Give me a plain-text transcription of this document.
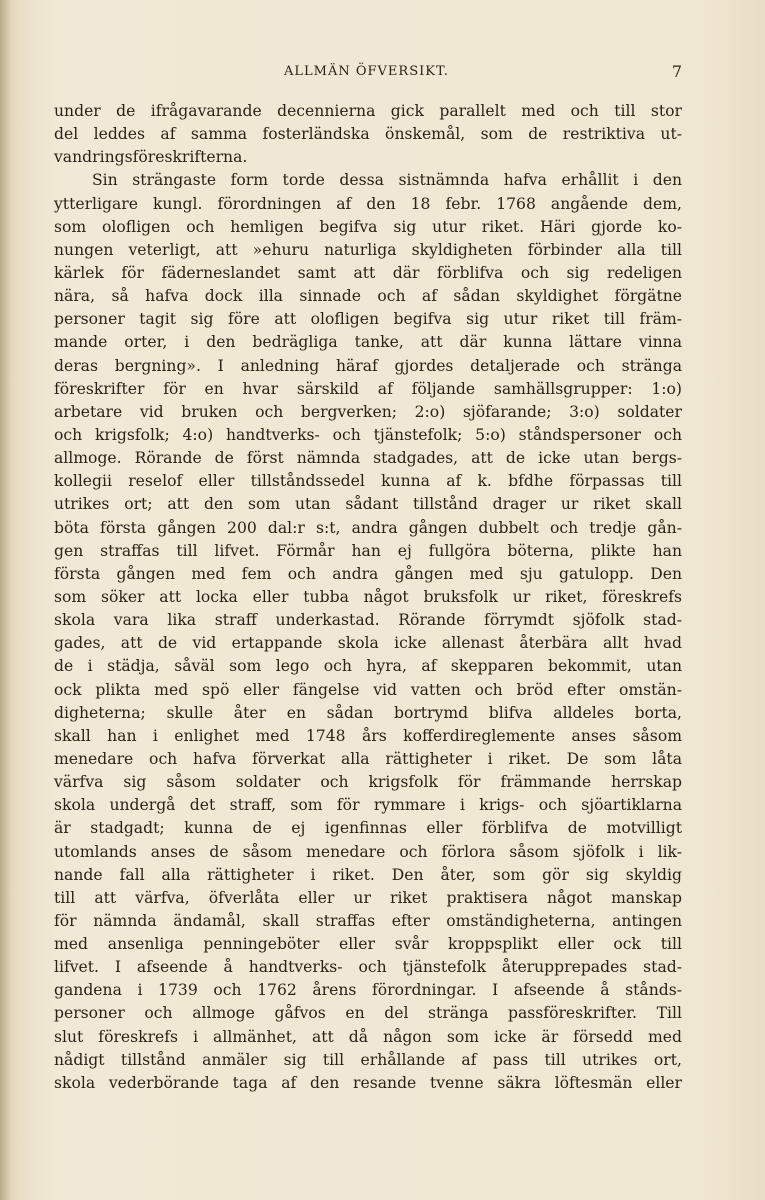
ALLMÄN ÖFVERSIKT.	7
under de ifrågavarande decennierna gick parallelt med och till stor
del leddes af samma fosterländska önskemål, som de restriktiva ut-
vandringsföreskrifterna.
Sin strängaste form torde dessa sistnämnda hafva erhållit i den
ytterligare kungl. förordningen af den 18 febr. 1768 angående dem,
som olofligen och hemligen begifva sig utur riket. Häri gjorde ko-
nungen veterligt, att »ehuru naturliga skyldigheten förbinder alla till
kärlek för fäderneslandet samt att där förblifva och sig redeligen
nära, så hafva dock illa sinnade och af sådan skyldighet förgätne
personer tagit sig före att olofligen begifva sig utur riket till främ-
mande orter, i den bedrägliga tanke, att där kunna lättare vinna
deras bergning». I anledning häraf gjordes detaljerade och stränga
föreskrifter för en hvar särskild af följande samhällsgrupper: 1:o)
arbetare vid bruken och bergverken; 2:o) sjöfarande; 3:o) soldater
och krigsfolk; 4:o) handtverks- och tjänstefolk; 5:o) ståndspersoner och
allmoge. Rörande de först nämnda stadgades, att de icke utan bergs-
kollegii reselof eller tillståndssedel kunna af k. bfdhe förpassas till
utrikes ort; att den som utan sådant tillstånd drager ur riket skall
böta första gången 200 dal:r s:t, andra gången dubbelt och tredje gån-
gen straffas till lifvet. Förmår han ej fullgöra böterna, plikte han
första gången med fem och andra gången med sju gatulopp. Den
som söker att locka eller tubba något bruksfolk ur riket, föreskrefs
skola vara lika straff underkastad. Rörande förrymdt sjöfolk stad-
gades, att de vid ertappande skola icke allenast återbära allt hvad
de i städja, såväl som lego och hyra, af skepparen bekommit, utan
ock plikta med spö eller fängelse vid vatten och bröd efter omstän-
digheterna; skulle åter en sådan bortrymd blifva alldeles borta,
skall han i enlighet med 1748 års kofferdireglemente anses såsom
menedare och hafva förverkat alla rättigheter i riket. De som låta
värfva sig såsom soldater och krigsfolk för främmande herrskap
skola undergå det straff, som för rymmare i krigs- och sjöartiklarna
är stadgadt; kunna de ej igenfinnas eller förblifva de motvilligt
utomlands anses de såsom menedare och förlora såsom sjöfolk i lik-
nande fall alla rättigheter i riket. Den åter, som gör sig skyldig
till att värfva, öfverlåta eller ur riket praktisera något manskap
för nämnda ändamål, skall straffas efter omständigheterna, antingen
med ansenliga penningeböter eller svår kroppsplikt eller ock till
lifvet. I afseende å handtverks- och tjänstefolk återupprepades stad-
gandena i 1739 och 1762 årens förordningar. I afseende å stånds-
personer och allmoge gåfvos en del stränga passföreskrifter. Till
slut föreskrefs i allmänhet, att då någon som icke är försedd med
nådigt tillstånd anmäler sig till erhållande af pass till utrikes ort,
skola vederbörande taga af den resande tvenne säkra löftesmän eller
